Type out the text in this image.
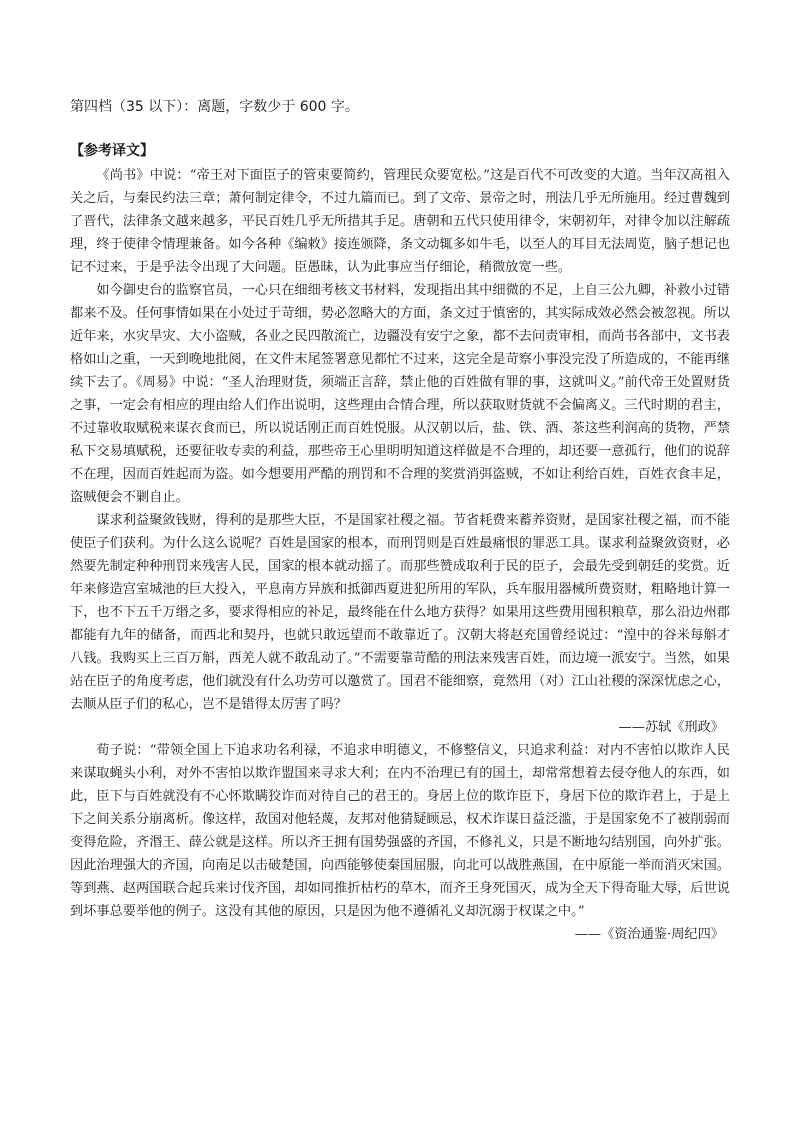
第四档（35 以下）：离题，字数少于 600 字。

【参考译文】

《尚书》中说：“帝王对下面臣子的管束要简约，管理民众要宽松。”这是百代不可改变的大道。当年汉高祖入关之后，与秦民约法三章；萧何制定律令，不过九篇而已。到了文帝、景帝之时，刑法几乎无所施用。经过曹魏到了晋代，法律条文越来越多，平民百姓几乎无所措其手足。唐朝和五代只使用律令，宋朝初年，对律令加以注解疏理，终于使律令情理兼备。如今各种《编敕》接连颁降，条文动辄多如牛毛，以至人的耳目无法周览，脑子想记也记不过来，于是乎法令出现了大问题。臣愚昧，认为此事应当仔细论，稍微放宽一些。

如今御史台的监察官员，一心只在细细考核文书材料，发现指出其中细微的不足，上自三公九卿，补救小过错都来不及。任何事情如果在小处过于苛细，势必忽略大的方面，条文过于慎密的，其实际成效必然会被忽视。所以近年来，水灾旱灾、大小盗贼，各业之民四散流亡，边疆没有安宁之象，都不去问责审相，而尚书各部中，文书表格如山之重，一天到晚地批阅，在文件末尾签署意见都忙不过来，这完全是苛察小事没完没了所造成的，不能再继续下去了。《周易》中说：“圣人治理财货，须端正言辞，禁止他的百姓做有罪的事，这就叫义。”前代帝王处置财货之事，一定会有相应的理由给人们作出说明，这些理由合情合理，所以获取财货就不会偏离义。三代时期的君主，不过靠收取赋税来谋衣食而已，所以说话刚正而百姓悦服。从汉朝以后，盐、铁、酒、茶这些利润高的货物，严禁私下交易填赋税，还要征收专卖的利益，那些帝王心里明明知道这样做是不合理的，却还要一意孤行，他们的说辞不在理，因而百姓起而为盗。如今想要用严酷的刑罚和不合理的奖赏消弭盗贼，不如让利给百姓，百姓衣食丰足，盗贼便会不剿自止。

谋求利益聚敛钱财，得利的是那些大臣，不是国家社稷之福。节省耗费来蓄养资财，是国家社稷之福，而不能使臣子们获利。为什么这么说呢？百姓是国家的根本，而刑罚则是百姓最痛恨的罪恶工具。谋求利益聚敛资财，必然要先制定种种刑罚来残害人民，国家的根本就动摇了。而那些赞成取利于民的臣子，会最先受到朝廷的奖赏。近年来修造宫室城池的巨大投入，平息南方异族和抵御西夏进犯所用的军队，兵车服用器械所费资财，粗略地计算一下，也不下五千万缗之多，要求得相应的补足，最终能在什么地方获得？如果用这些费用囤积粮草，那么沿边州郡都能有九年的储备，而西北和契丹，也就只敢远望而不敢靠近了。汉朝大将赵充国曾经说过：“湟中的谷米每斛才八钱。我购买上三百万斛，西羌人就不敢乱动了。”不需要靠苛酷的刑法来残害百姓，而边境一派安宁。当然，如果站在臣子的角度考虑，他们就没有什么功劳可以邀赏了。国君不能细察，竟然用（对）江山社稷的深深忧虑之心，去顺从臣子们的私心，岂不是错得太厉害了吗？

——苏轼《刑政》

荀子说：“带领全国上下追求功名利禄，不追求申明德义，不修整信义，只追求利益：对内不害怕以欺诈人民来谋取蝇头小利，对外不害怕以欺诈盟国来寻求大利；在内不治理已有的国土，却常常想着去侵夺他人的东西，如此，臣下与百姓就没有不心怀欺瞒狡诈而对待自己的君王的。身居上位的欺诈臣下，身居下位的欺诈君上，于是上下之间关系分崩离析。像这样，敌国对他轻蔑，友邦对他猜疑顾忌，权术诈谋日益泛滥，于是国家免不了被削弱而变得危险，齐湣王、薛公就是这样。所以齐王拥有国势强盛的齐国，不修礼义，只是不断地勾结别国，向外扩张。因此治理强大的齐国，向南足以击破楚国，向西能够使秦国屈服，向北可以战胜燕国，在中原能一举而消灭宋国。等到燕、赵两国联合起兵来讨伐齐国，却如同推折枯朽的草木，而齐王身死国灭，成为全天下得奇耻大辱，后世说到坏事总要举他的例子。这没有其他的原因，只是因为他不遵循礼义却沉溺于权谋之中。”

——《资治通鉴·周纪四》
